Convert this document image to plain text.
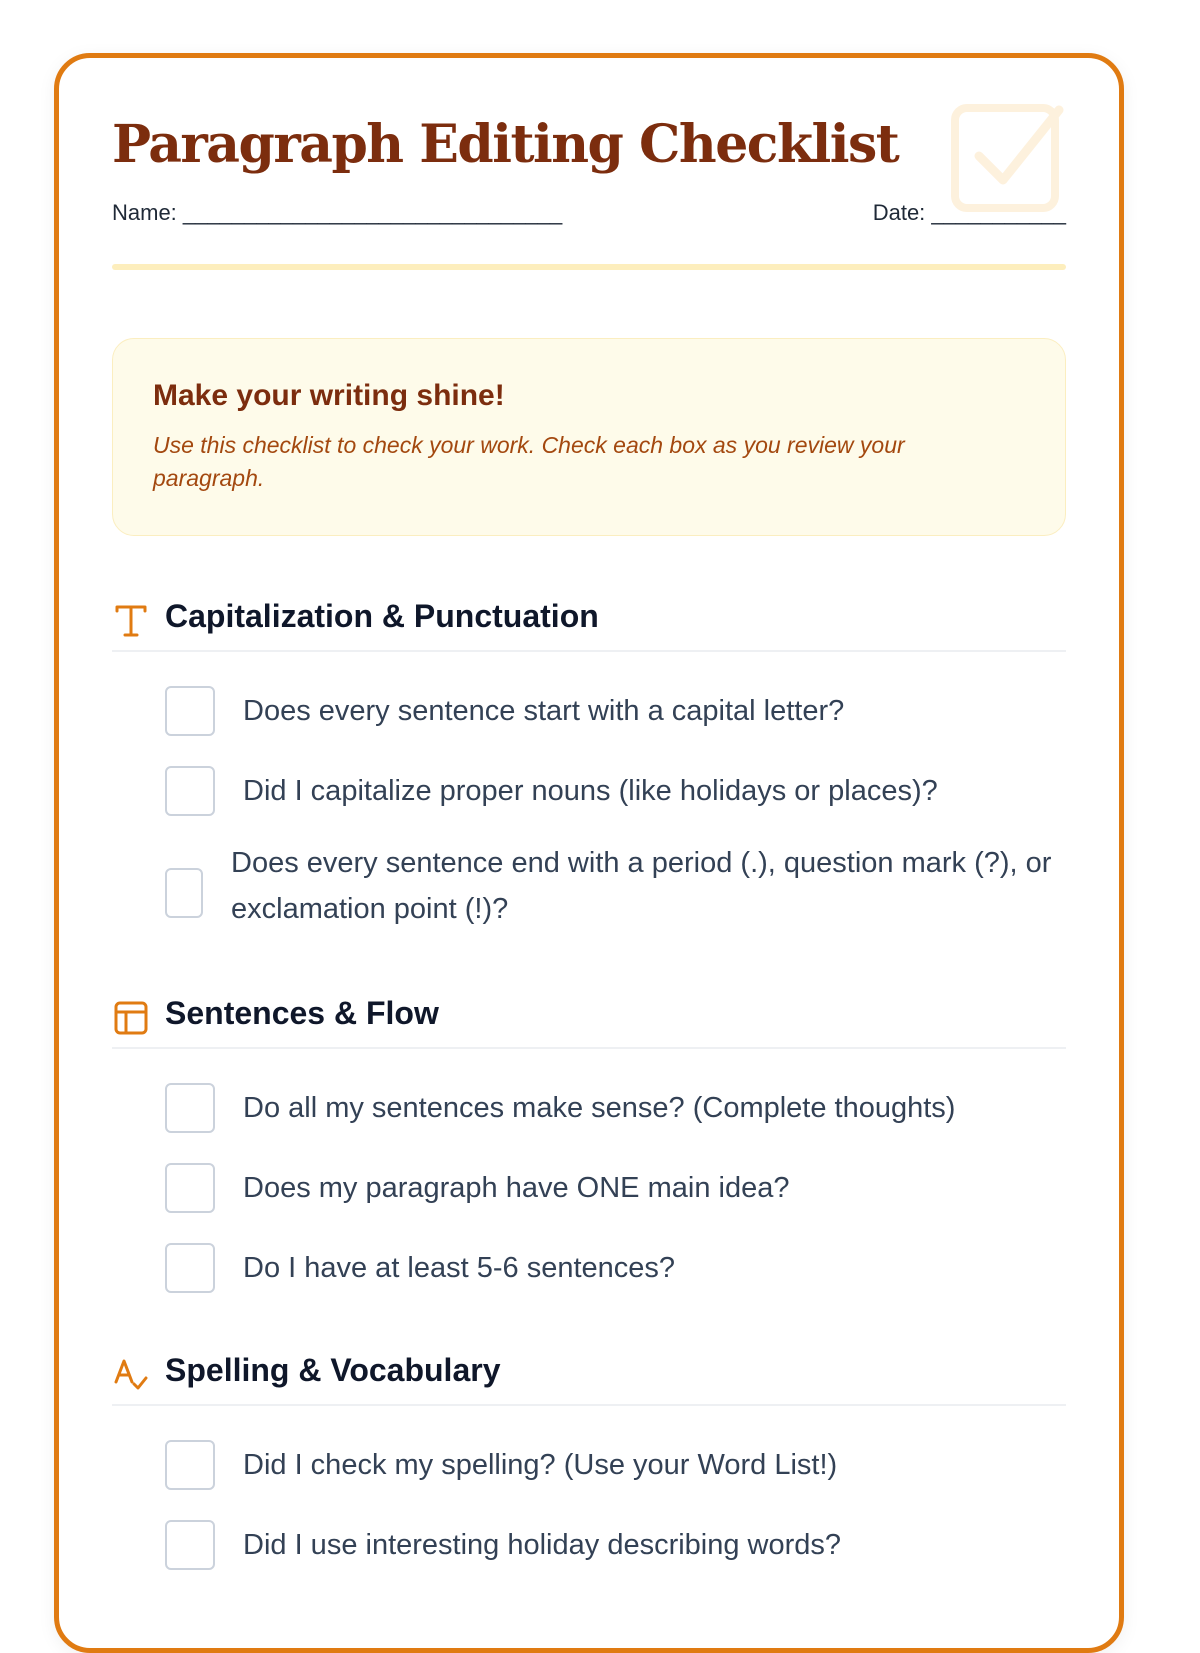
Paragraph Editing Checklist
Name: _______________________________	Date: ___________

Make your writing shine!

Use this checklist to check your work. Check each box as you review your paragraph.

Capitalization & Punctuation

Does every sentence start with a capital letter?

Did I capitalize proper nouns (like holidays or places)?

Does every sentence end with a period (.), question mark (?), or exclamation point (!)?

Sentences & Flow

Do all my sentences make sense? (Complete thoughts)

Does my paragraph have ONE main idea?

Do I have at least 5-6 sentences?

Spelling & Vocabulary

Did I check my spelling? (Use your Word List!)

Did I use interesting holiday describing words?
